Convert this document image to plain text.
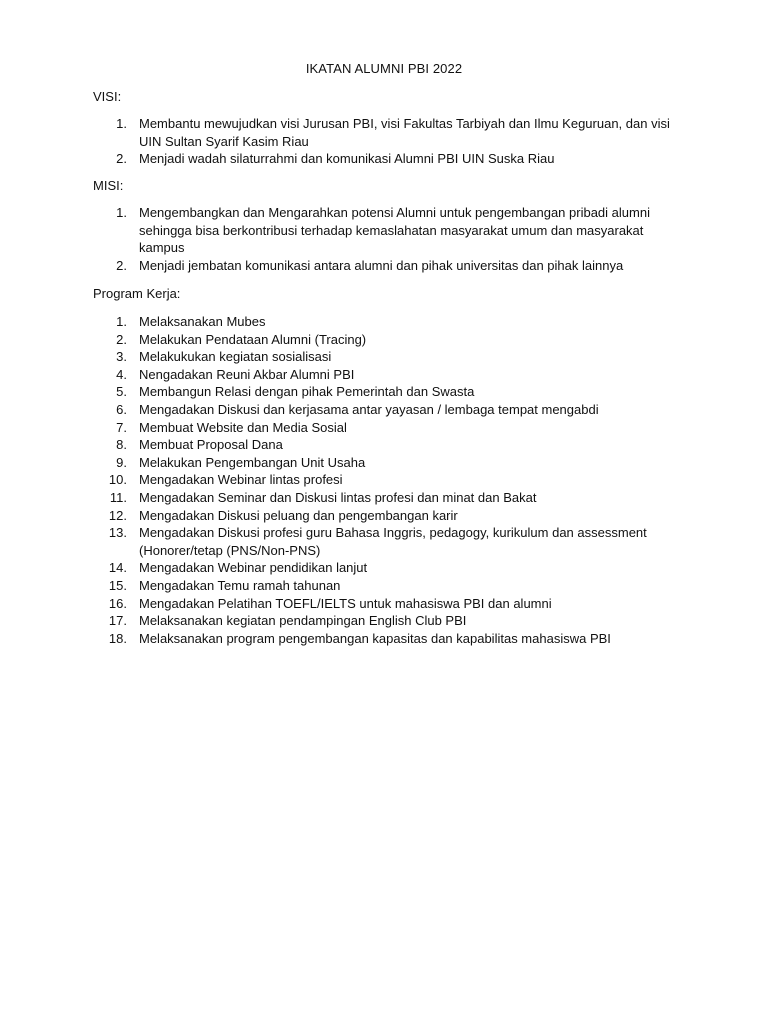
IKATAN ALUMNI PBI 2022
VISI:
1. Membantu mewujudkan visi Jurusan PBI, visi Fakultas Tarbiyah dan Ilmu Keguruan, dan visi UIN Sultan Syarif Kasim Riau
2. Menjadi wadah silaturrahmi dan komunikasi Alumni PBI UIN Suska Riau
MISI:
1. Mengembangkan dan Mengarahkan potensi Alumni untuk pengembangan pribadi alumni sehingga bisa berkontribusi terhadap kemaslahatan masyarakat umum dan masyarakat kampus
2. Menjadi jembatan komunikasi antara alumni dan pihak universitas dan pihak lainnya
Program Kerja:
1. Melaksanakan Mubes
2. Melakukan Pendataan Alumni (Tracing)
3. Melakukukan kegiatan sosialisasi
4. Nengadakan Reuni Akbar Alumni PBI
5. Membangun Relasi dengan pihak Pemerintah dan Swasta
6. Mengadakan Diskusi dan kerjasama antar yayasan / lembaga tempat mengabdi
7. Membuat Website dan Media Sosial
8. Membuat Proposal Dana
9. Melakukan Pengembangan Unit Usaha
10. Mengadakan Webinar lintas profesi
11. Mengadakan Seminar dan Diskusi lintas profesi dan minat dan Bakat
12. Mengadakan Diskusi peluang dan pengembangan karir
13. Mengadakan Diskusi profesi guru Bahasa Inggris, pedagogy, kurikulum dan assessment (Honorer/tetap (PNS/Non-PNS)
14. Mengadakan Webinar pendidikan lanjut
15. Mengadakan Temu ramah tahunan
16. Mengadakan Pelatihan TOEFL/IELTS untuk mahasiswa PBI dan alumni
17. Melaksanakan kegiatan pendampingan English Club PBI
18. Melaksanakan program pengembangan kapasitas dan kapabilitas mahasiswa PBI
